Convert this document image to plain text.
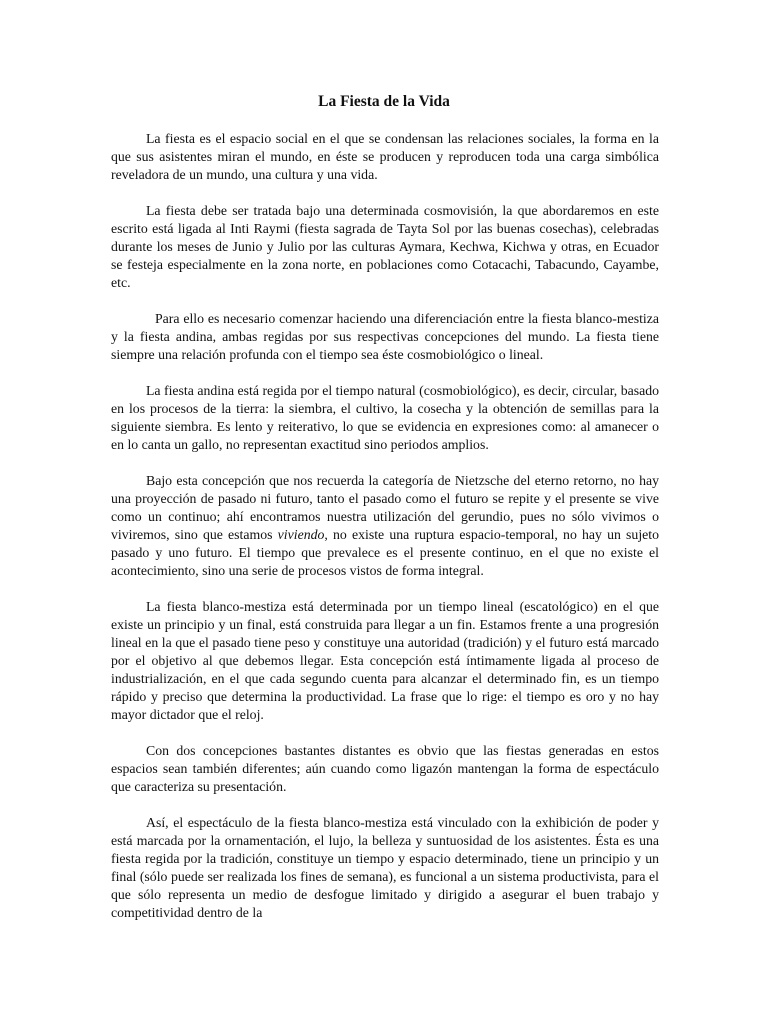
La Fiesta de la Vida

La fiesta es el espacio social en el que se condensan las relaciones sociales, la forma en la que sus asistentes miran el mundo, en éste se producen y reproducen toda una carga simbólica reveladora de un mundo, una cultura y una vida.

La fiesta debe ser tratada bajo una determinada cosmovisión, la que abordaremos en este escrito está ligada al Inti Raymi (fiesta sagrada de Tayta Sol por las buenas cosechas), celebradas durante los meses de Junio y Julio por las culturas Aymara, Kechwa, Kichwa y otras, en Ecuador se festeja especialmente en la zona norte, en poblaciones como Cotacachi, Tabacundo, Cayambe, etc.

Para ello es necesario comenzar haciendo una diferenciación entre la fiesta blanco-mestiza y la fiesta andina, ambas regidas por sus respectivas concepciones del mundo. La fiesta tiene siempre una relación profunda con el tiempo sea éste cosmobiológico o lineal.

La fiesta andina está regida por el tiempo natural (cosmobiológico), es decir, circular, basado en los procesos de la tierra: la siembra, el cultivo, la cosecha y la obtención de semillas para la siguiente siembra. Es lento y reiterativo, lo que se evidencia en expresiones como: al amanecer o en lo canta un gallo, no representan exactitud sino periodos amplios.

Bajo esta concepción que nos recuerda la categoría de Nietzsche del eterno retorno, no hay una proyección de pasado ni futuro, tanto el pasado como el futuro se repite y el presente se vive como un continuo; ahí encontramos nuestra utilización del gerundio, pues no sólo vivimos o viviremos, sino que estamos viviendo, no existe una ruptura espacio-temporal, no hay un sujeto pasado y uno futuro. El tiempo que prevalece es el presente continuo, en el que no existe el acontecimiento, sino una serie de procesos vistos de forma integral.

La fiesta blanco-mestiza está determinada por un tiempo lineal (escatológico) en el que existe un principio y un final, está construida para llegar a un fin. Estamos frente a una progresión lineal en la que el pasado tiene peso y constituye una autoridad (tradición) y el futuro está marcado por el objetivo al que debemos llegar. Esta concepción está íntimamente ligada al proceso de industrialización, en el que cada segundo cuenta para alcanzar el determinado fin, es un tiempo rápido y preciso que determina la productividad. La frase que lo rige: el tiempo es oro y no hay mayor dictador que el reloj.

Con dos concepciones bastantes distantes es obvio que las fiestas generadas en estos espacios sean también diferentes; aún cuando como ligazón mantengan la forma de espectáculo que caracteriza su presentación.

Así, el espectáculo de la fiesta blanco-mestiza está vinculado con la exhibición de poder y está marcada por la ornamentación, el lujo, la belleza y suntuosidad de los asistentes. Ésta es una fiesta regida por la tradición, constituye un tiempo y espacio determinado, tiene un principio y un final (sólo puede ser realizada los fines de semana), es funcional a un sistema productivista, para el que sólo representa un medio de desfogue limitado y dirigido a asegurar el buen trabajo y competitividad dentro de la
